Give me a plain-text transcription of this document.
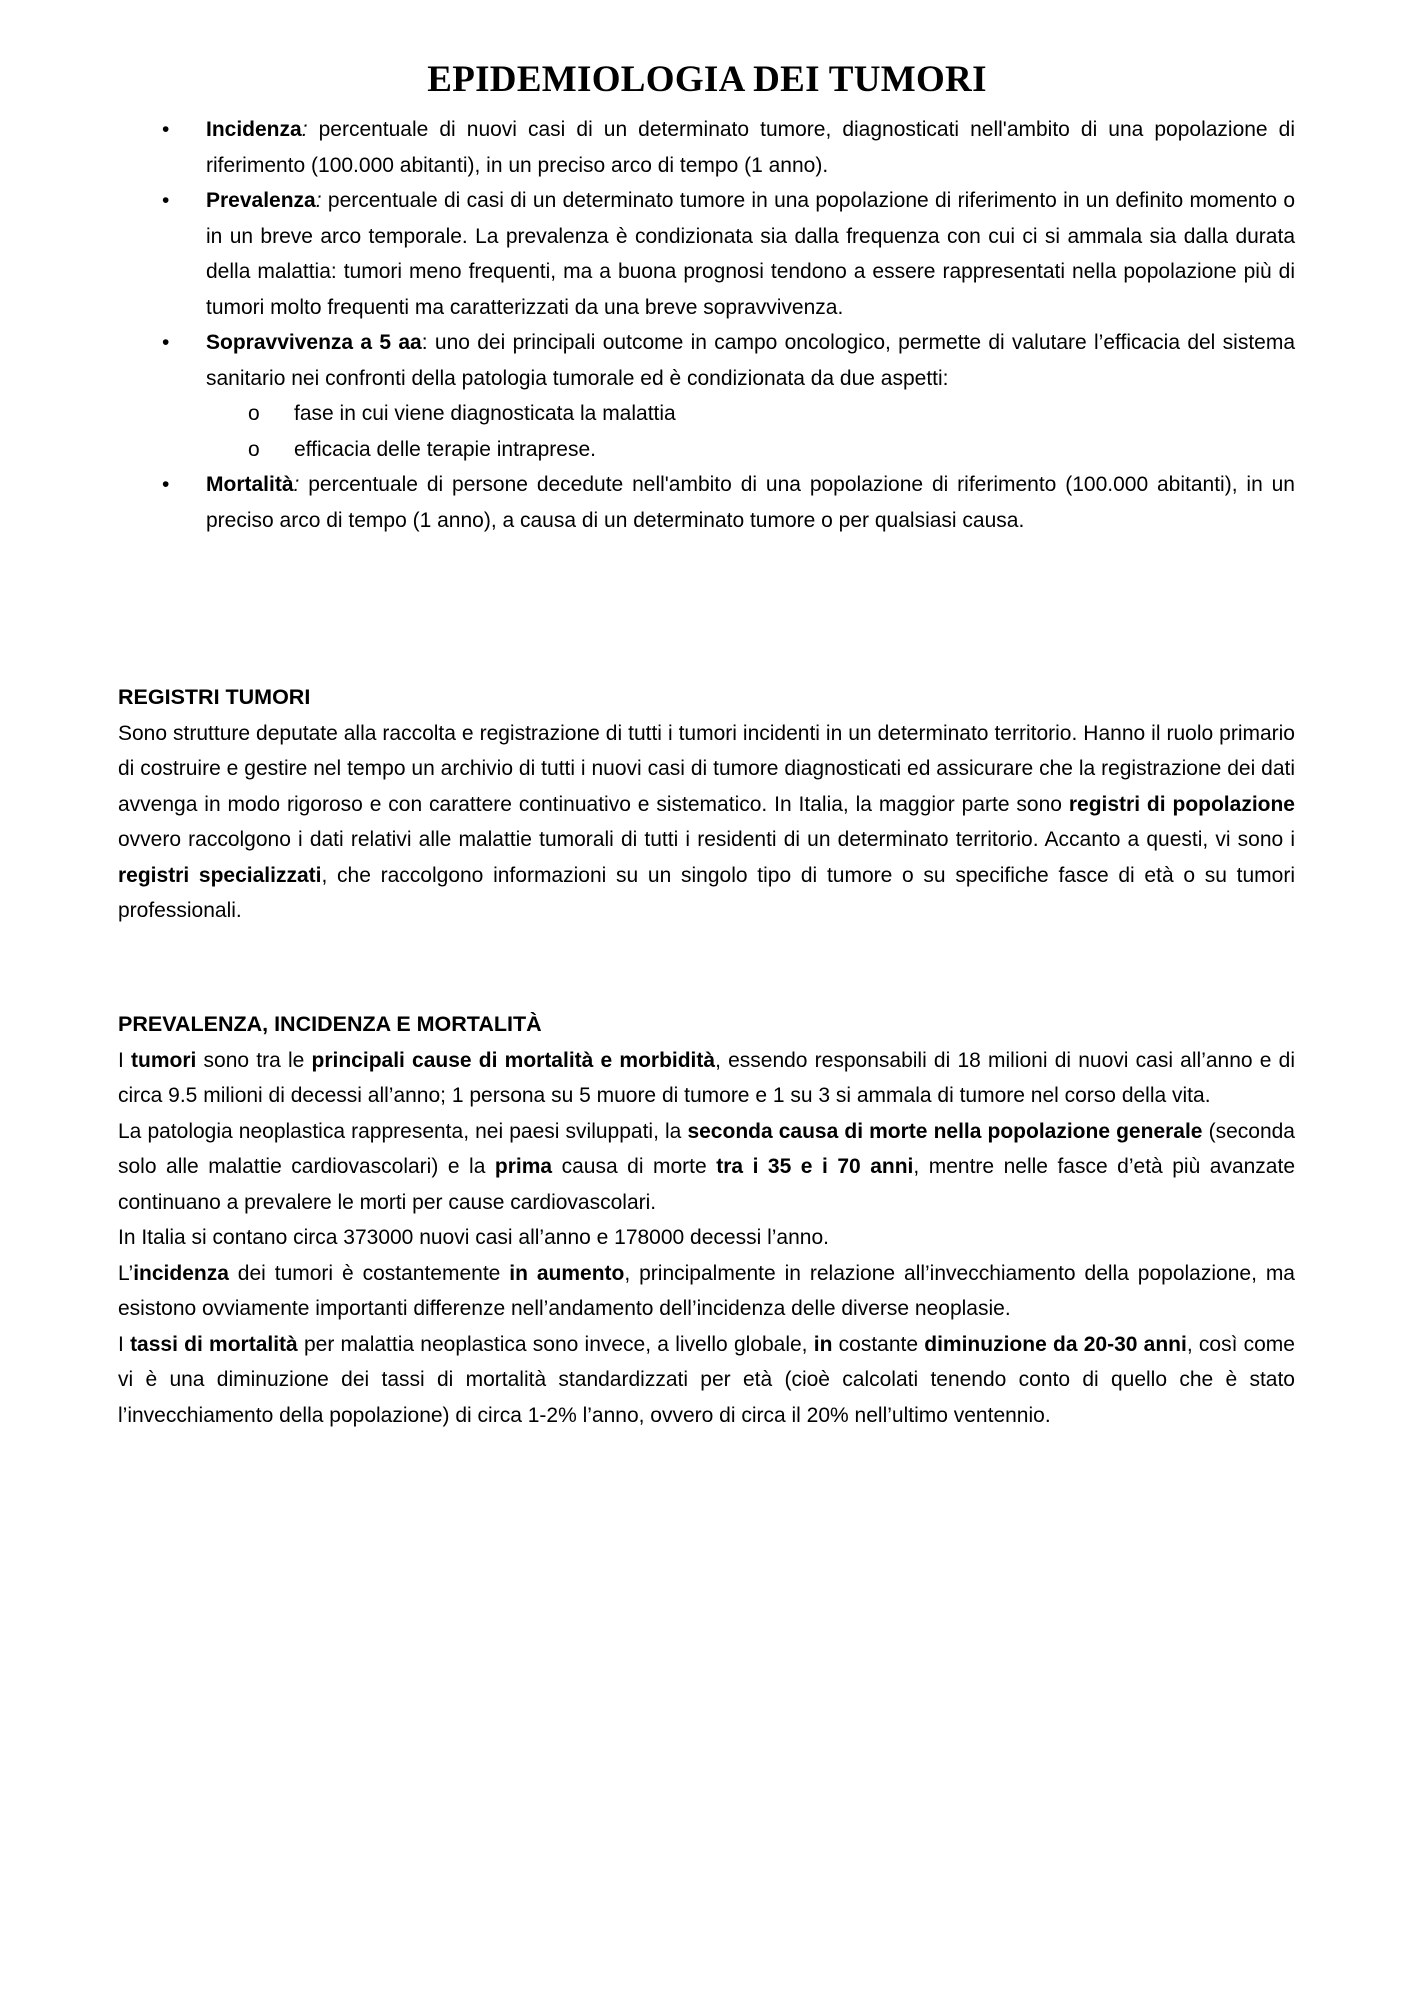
EPIDEMIOLOGIA DEI TUMORI
• Incidenza: percentuale di nuovi casi di un determinato tumore, diagnosticati nell'ambito di una popolazione di riferimento (100.000 abitanti), in un preciso arco di tempo (1 anno).
• Prevalenza: percentuale di casi di un determinato tumore in una popolazione di riferimento in un definito momento o in un breve arco temporale. La prevalenza è condizionata sia dalla frequenza con cui ci si ammala sia dalla durata della malattia: tumori meno frequenti, ma a buona prognosi tendono a essere rappresentati nella popolazione più di tumori molto frequenti ma caratterizzati da una breve sopravvivenza.
• Sopravvivenza a 5 aa: uno dei principali outcome in campo oncologico, permette di valutare l’efficacia del sistema sanitario nei confronti della patologia tumorale ed è condizionata da due aspetti:
o fase in cui viene diagnosticata la malattia
o efficacia delle terapie intraprese.
• Mortalità: percentuale di persone decedute nell'ambito di una popolazione di riferimento (100.000 abitanti), in un preciso arco di tempo (1 anno), a causa di un determinato tumore o per qualsiasi causa.
REGISTRI TUMORI

Sono strutture deputate alla raccolta e registrazione di tutti i tumori incidenti in un determinato territorio. Hanno il ruolo primario di costruire e gestire nel tempo un archivio di tutti i nuovi casi di tumore diagnosticati ed assicurare che la registrazione dei dati avvenga in modo rigoroso e con carattere continuativo e sistematico. In Italia, la maggior parte sono registri di popolazione ovvero raccolgono i dati relativi alle malattie tumorali di tutti i residenti di un determinato territorio. Accanto a questi, vi sono i registri specializzati, che raccolgono informazioni su un singolo tipo di tumore o su specifiche fasce di età o su tumori professionali.

PREVALENZA, INCIDENZA E MORTALITÀ

I tumori sono tra le principali cause di mortalità e morbidità, essendo responsabili di 18 milioni di nuovi casi all’anno e di circa 9.5 milioni di decessi all’anno; 1 persona su 5 muore di tumore e 1 su 3 si ammala di tumore nel corso della vita.

La patologia neoplastica rappresenta, nei paesi sviluppati, la seconda causa di morte nella popolazione generale (seconda solo alle malattie cardiovascolari) e la prima causa di morte tra i 35 e i 70 anni, mentre nelle fasce d’età più avanzate continuano a prevalere le morti per cause cardiovascolari.

In Italia si contano circa 373000 nuovi casi all’anno e 178000 decessi l’anno.

L’incidenza dei tumori è costantemente in aumento, principalmente in relazione all’invecchiamento della popolazione, ma esistono ovviamente importanti differenze nell’andamento dell’incidenza delle diverse neoplasie.

I tassi di mortalità per malattia neoplastica sono invece, a livello globale, in costante diminuzione da 20-30 anni, così come vi è una diminuzione dei tassi di mortalità standardizzati per età (cioè calcolati tenendo conto di quello che è stato l’invecchiamento della popolazione) di circa 1-2% l’anno, ovvero di circa il 20% nell’ultimo ventennio.
